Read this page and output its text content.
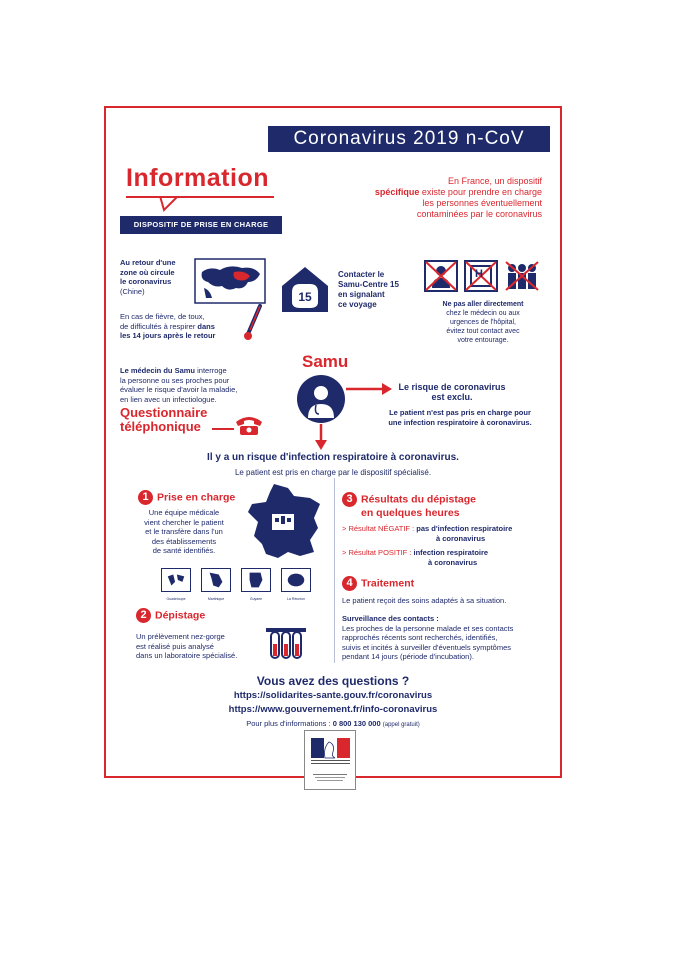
Coronavirus 2019 n-CoV
Information
DISPOSITIF DE PRISE EN CHARGE
En France, un dispositif
spécifique existe pour prendre en charge les personnes éventuellement contaminées par le coronavirus
Au retour d'une
zone où circule
le coronavirus
(Chine)
En cas de fièvre, de toux,
de difficultés à respirer dans
les 14 jours après le retour
15
Contacter le
Samu-Centre 15
en signalant
ce voyage
H
Ne pas aller directement
chez le médecin ou aux
urgences de l'hôpital,
évitez tout contact avec
votre entourage.
Le médecin du Samu interroge
la personne ou ses proches pour
évaluer le risque d'avoir la maladie,
en lien avec un infectiologue.
Questionnaire
téléphonique
Samu
Le risque de coronavirus
est exclu.
Le patient n'est pas pris en charge pour
une infection respiratoire à coronavirus.
Il y a un risque d'infection respiratoire à coronavirus.
Le patient est pris en charge par le dispositif spécialisé.
1 Prise en charge
Une équipe médicale
vient chercher le patient
et le transfère dans l'un
des établissements
de santé identifiés.
Guadeloupe	Martinique	Guyane	La Réunion
2 Dépistage
Un prélèvement nez-gorge
est réalisé puis analysé
dans un laboratoire spécialisé.
3 Résultats du dépistage
en quelques heures
> Résultat NÉGATIF : pas d'infection respiratoire
à coronavirus
> Résultat POSITIF : infection respiratoire
à coronavirus
4 Traitement
Le patient reçoit des soins adaptés à sa situation.
Surveillance des contacts :
Les proches de la personne malade et ses contacts
rapprochés récents sont recherchés, identifiés,
suivis et incités à surveiller d'éventuels symptômes
pendant 14 jours (période d'incubation).
Vous avez des questions ?
https://solidarites-sante.gouv.fr/coronavirus
https://www.gouvernement.fr/info-coronavirus
Pour plus d'informations : 0 800 130 000 (appel gratuit)
